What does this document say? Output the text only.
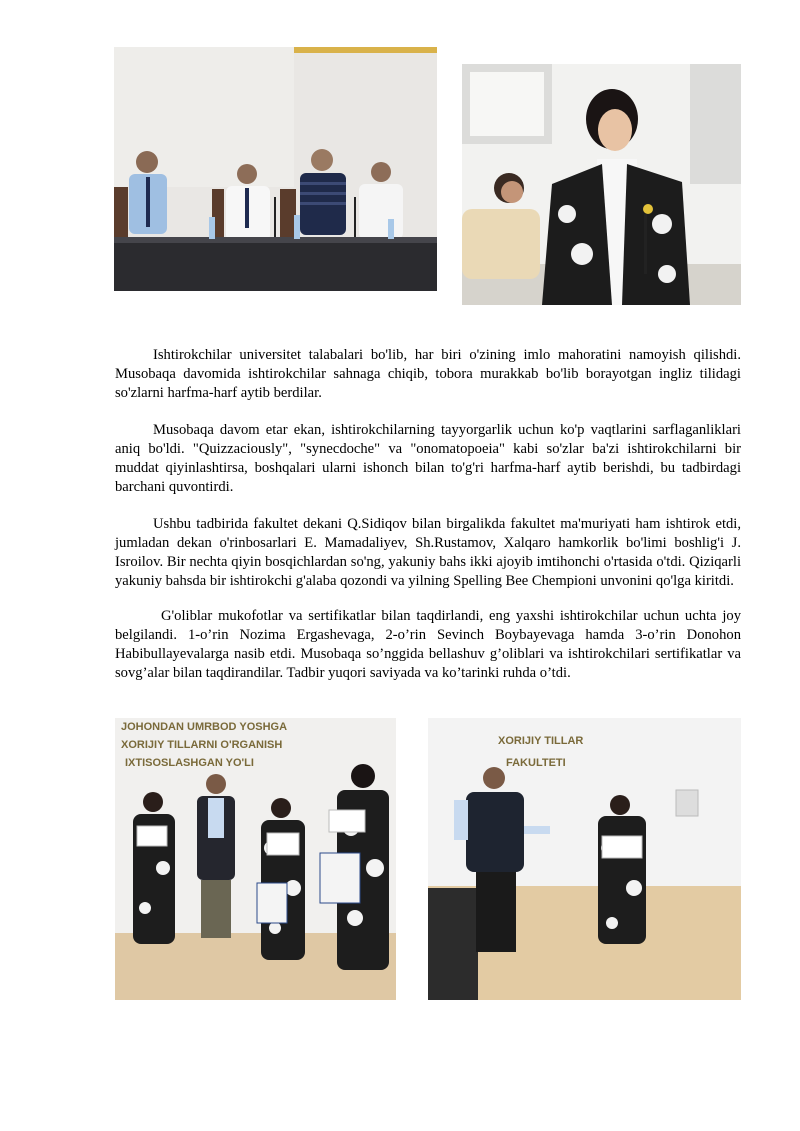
Ishtirokchilar universitet talabalari bo'lib, har biri o'zining imlo mahoratini namoyish qilishdi. Musobaqa davomida ishtirokchilar sahnaga chiqib, tobora murakkab bo'lib borayotgan ingliz tilidagi so'zlarni harfma-harf aytib berdilar.

Musobaqa davom etar ekan, ishtirokchilarning tayyorgarlik uchun ko'p vaqtlarini sarflaganliklari aniq bo'ldi. "Quizzaciously", "synecdoche" va "onomatopoeia" kabi so'zlar ba'zi ishtirokchilarni bir muddat qiyinlashtirsa, boshqalari ularni ishonch bilan to'g'ri harfma-harf aytib berishdi, bu tadbirdagi barchani quvontirdi.

Ushbu tadbirida fakultet dekani Q.Sidiqov bilan birgalikda fakultet ma'muriyati ham ishtirok etdi, jumladan dekan o'rinbosarlari E. Mamadaliyev, Sh.Rustamov, Xalqaro hamkorlik bo'limi boshlig'i J. Isroilov. Bir nechta qiyin bosqichlardan so'ng, yakuniy bahs ikki ajoyib imtihonchi o'rtasida o'tdi. Qiziqarli yakuniy bahsda bir ishtirokchi g'alaba qozondi va yilning Spelling Bee Chempioni unvonini qo'lga kiritdi.

G'oliblar mukofotlar va sertifikatlar bilan taqdirlandi, eng yaxshi ishtirokchilar uchun uchta joy belgilandi. 1-o’rin Nozima Ergashevaga, 2-o’rin Sevinch Boybayevaga hamda 3-o’rin Donohon Habibullayevalarga nasib etdi. Musobaqa so’nggida bellashuv g’oliblari va ishtirokchilari sertifikatlar va sovg’alar bilan taqdirandilar. Tadbir yuqori saviyada va ko’tarinki ruhda o’tdi.

JOHONDAN UMRBOD YOSHGA
XORIJIY TILLARNI O'RGANISH
IXTISOSLASHGAN YO'LI
XORIJIY TILLAR
FAKULTETI
